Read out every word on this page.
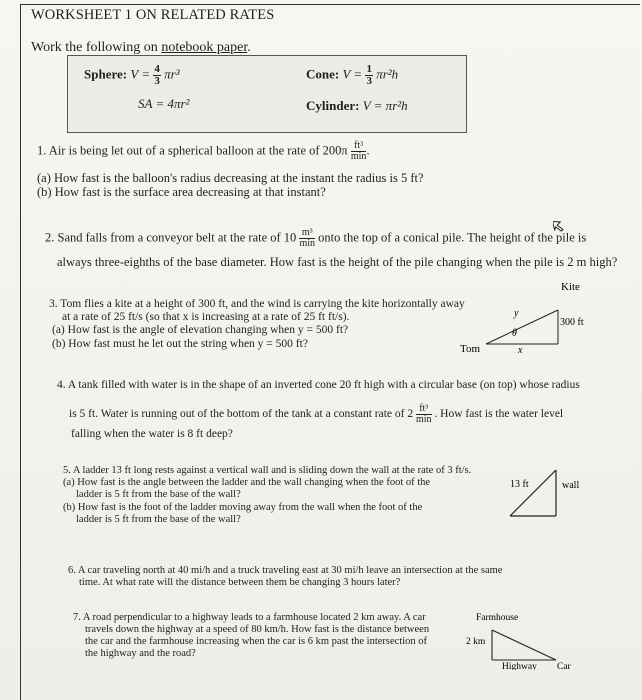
WORKSHEET 1 ON RELATED RATES
Work the following on notebook paper.
Sphere: $V = \frac{4}{3} \pi r^3$
SA = 4πr²
Cone: $V = \frac{1}{3} \pi r^2h$
Cylinder: V = πr²h
1. Air is being let out of a spherical balloon at the rate of $200\pi \frac{\text{ft³}}{\min}$ .
(a) How fast is the balloon's radius decreasing at the instant the radius is 5 ft?
(b) How fast is the surface area decreasing at that instant?
2. Sand falls from a conveyor belt at the rate of $10 \frac{\text{m³}}{\min}$ onto the top of a conical pile. The height of the pile is
always three-eighths of the base diameter. How fast is the height of the pile changing when the pile is 2 m high?
3. Tom flies a kite at a height of 300 ft, and the wind is carrying the kite horizontally away
at a rate of 25 ft/s (so that x is increasing at a rate of 25 ft ft/s).
(a) How fast is the angle of elevation changing when y = 500 ft?
(b) How fast must he let out the string when y = 500 ft?
Kite
300 ft
y
θ
Tom	x
4. A tank filled with water is in the shape of an inverted cone 20 ft high with a circular base (on top) whose radius
is 5 ft. Water is running out of the bottom of the tank at a constant rate of $2 \frac{\text{ft³}}{\min}$ . How fast is the water level
falling when the water is 8 ft deep?
5. A ladder 13 ft long rests against a vertical wall and is sliding down the wall at the rate of 3 ft/s.
(a) How fast is the angle between the ladder and the wall changing when the foot of the
ladder is 5 ft from the base of the wall?
(b) How fast is the foot of the ladder moving away from the wall when the foot of the
ladder is 5 ft from the base of the wall?
13 ft	wall
6. A car traveling north at 40 mi/h and a truck traveling east at 30 mi/h leave an intersection at the same
time. At what rate will the distance between them be changing 3 hours later?
7. A road perpendicular to a highway leads to a farmhouse located 2 km away. A car
travels down the highway at a speed of 80 km/h. How fast is the distance between
the car and the farmhouse increasing when the car is 6 km past the intersection of
the highway and the road?
Farmhouse
2 km
Highway Car
